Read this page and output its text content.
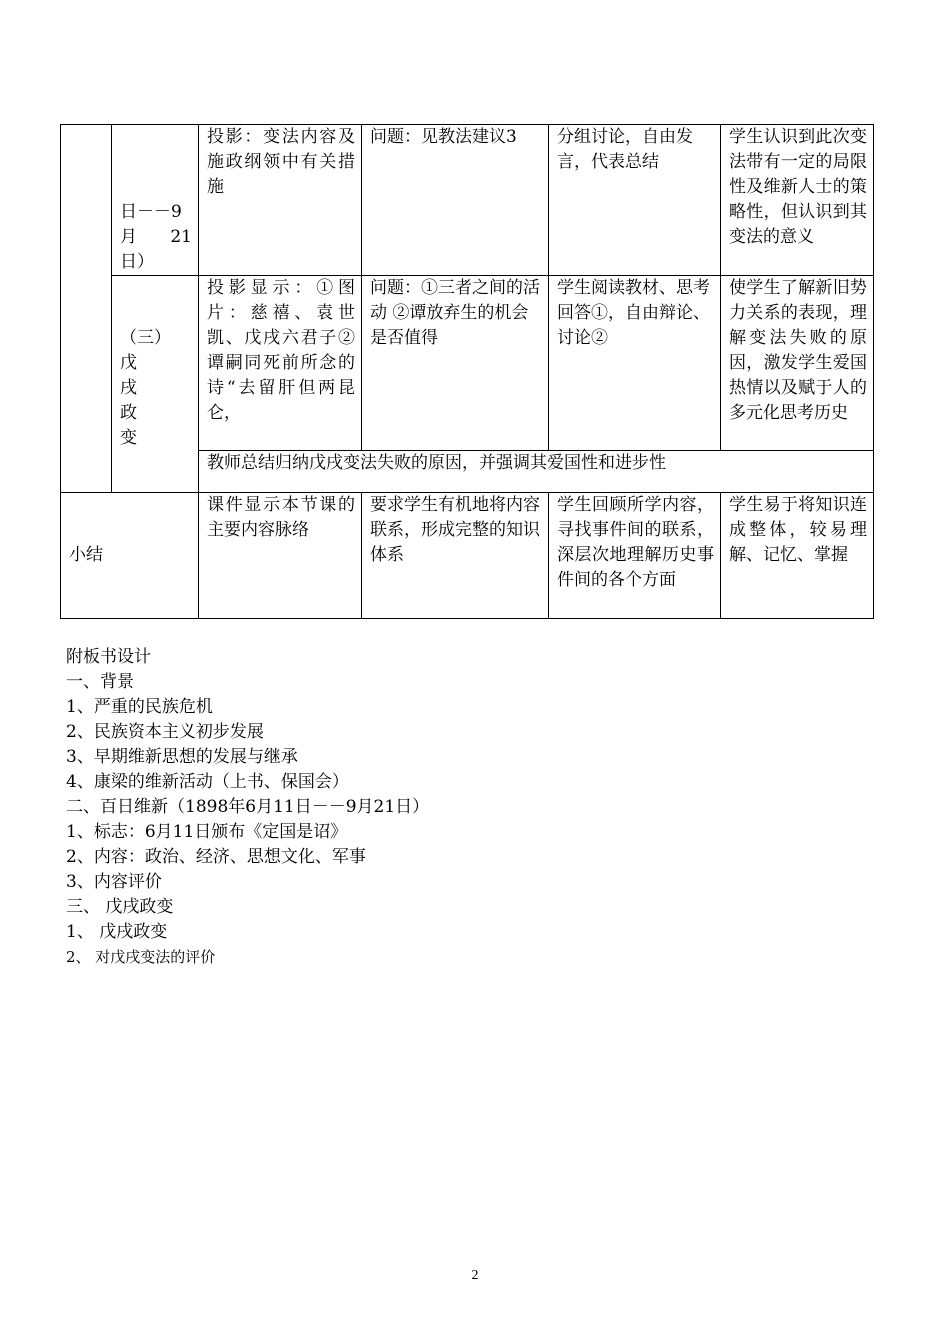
	日－－9
月 21
日）	投影：变法内容及施政纲领中有关措施	问题：见教法建议3	分组讨论，自由发言，代表总结	学生认识到此次变法带有一定的局限性及维新人士的策略性，但认识到其变法的意义

	（三）
戊
戌
政
变	投影显示：①图片：慈禧、袁世凯、戊戌六君子②谭嗣同死前所念的诗“去留肝但两昆仑，	问题：①三者之间的活动 ②谭放弃生的机会是否值得	学生阅读教材、思考回答①，自由辩论、讨论②	使学生了解新旧势力关系的表现，理解变法失败的原因，激发学生爱国热情以及赋于人的多元化思考历史
		教师总结归纳戊戌变法失败的原因，并强调其爱国性和进步性			

小结		课件显示本节课的主要内容脉络	要求学生有机地将内容联系，形成完整的知识体系	学生回顾所学内容，寻找事件间的联系，深层次地理解历史事件间的各个方面	学生易于将知识连成整体，较易理解、记忆、掌握
附板书设计
一、背景
1、严重的民族危机
2、民族资本主义初步发展
3、早期维新思想的发展与继承
4、康梁的维新活动（上书、保国会）
二、百日维新（1898年6月11日－－9月21日）
1、标志：6月11日颁布《定国是诏》
2、内容：政治、经济、思想文化、军事
3、内容评价
三、 戊戌政变
1、 戊戌政变
2、 对戊戌变法的评价
2
